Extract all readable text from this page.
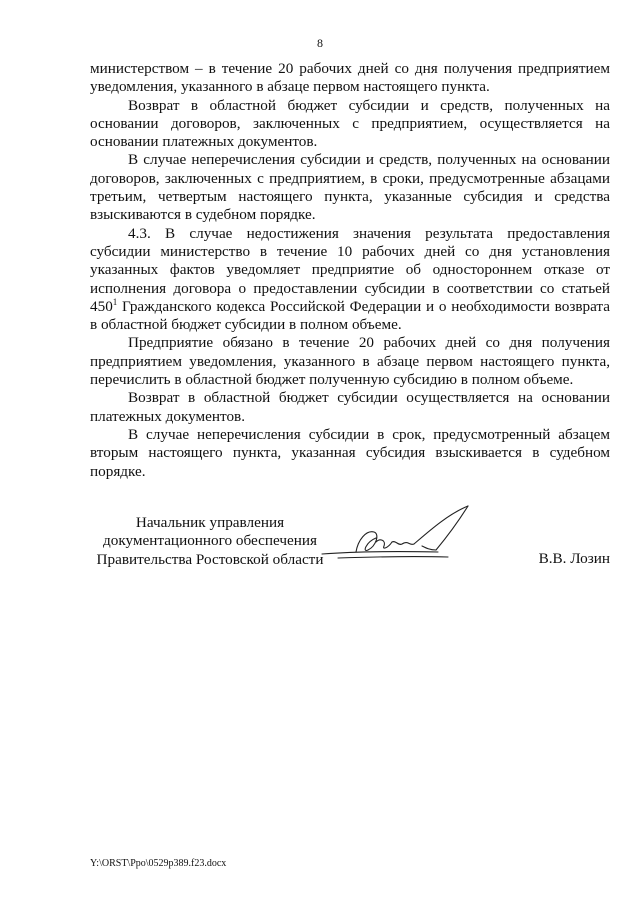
8

министерством – в течение 20 рабочих дней со дня получения предприятием уведомления, указанного в абзаце первом настоящего пункта.

Возврат в областной бюджет субсидии и средств, полученных на основании договоров, заключенных с предприятием, осуществляется на основании платежных документов.

В случае неперечисления субсидии и средств, полученных на основании договоров, заключенных с предприятием, в сроки, предусмотренные абзацами третьим, четвертым настоящего пункта, указанные субсидия и средства взыскиваются в судебном порядке.

4.3. В случае недостижения значения результата предоставления субсидии министерство в течение 10 рабочих дней со дня установления указанных фактов уведомляет предприятие об одностороннем отказе от исполнения договора о предоставлении субсидии в соответствии со статьей $450^1$ Гражданского кодекса Российской Федерации и о необходимости возврата в областной бюджет субсидии в полном объеме.

Предприятие обязано в течение 20 рабочих дней со дня получения предприятием уведомления, указанного в абзаце первом настоящего пункта, перечислить в областной бюджет полученную субсидию в полном объеме.

Возврат в областной бюджет субсидии осуществляется на основании платежных документов.

В случае неперечисления субсидии в срок, предусмотренный абзацем вторым настоящего пункта, указанная субсидия взыскивается в судебном порядке.

Начальник управления
документационного обеспечения
Правительства Ростовской области	В.В. Лозин
Y:\ORST\Ppo\0529p389.f23.docx
